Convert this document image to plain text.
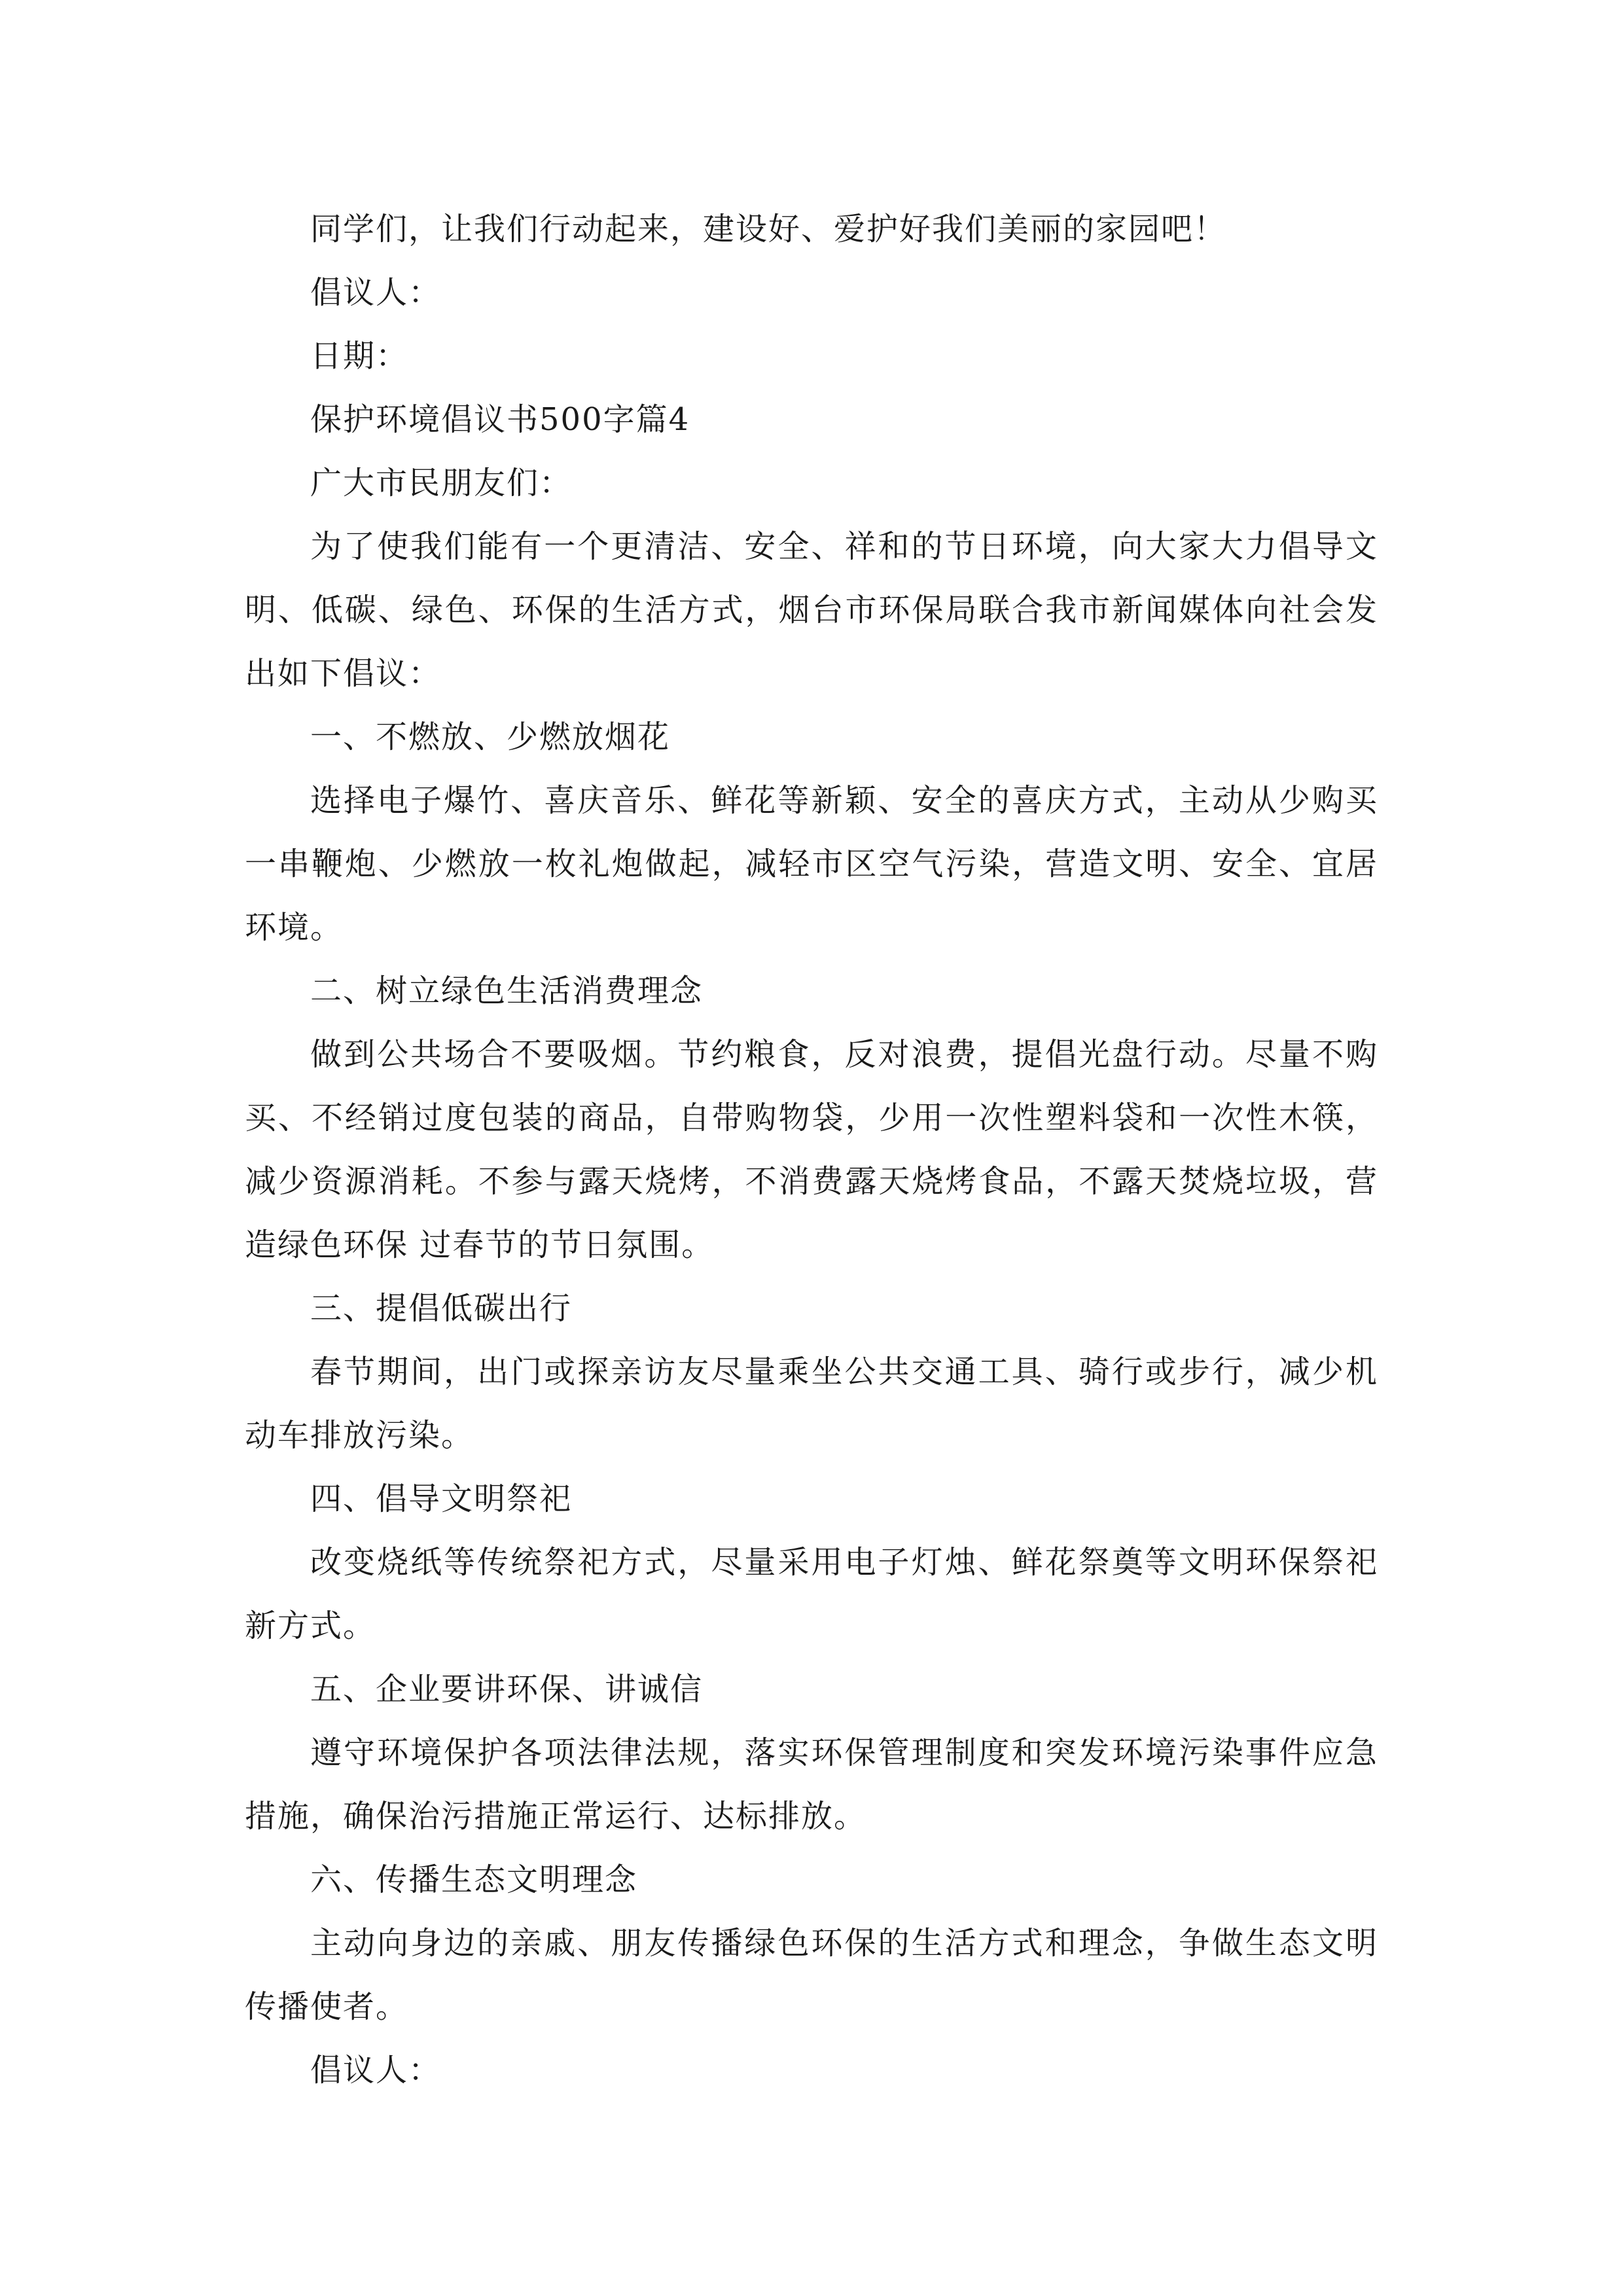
同学们，让我们行动起来，建设好、爱护好我们美丽的家园吧！

倡议人：

日期：

保护环境倡议书500字篇4

广大市民朋友们：

为了使我们能有一个更清洁、安全、祥和的节日环境，向大家大力倡导文明、低碳、绿色、环保的生活方式，烟台市环保局联合我市新闻媒体向社会发出如下倡议：

一、不燃放、少燃放烟花

选择电子爆竹、喜庆音乐、鲜花等新颖、安全的喜庆方式，主动从少购买一串鞭炮、少燃放一枚礼炮做起，减轻市区空气污染，营造文明、安全、宜居环境。

二、树立绿色生活消费理念

做到公共场合不要吸烟。节约粮食，反对浪费，提倡光盘行动。尽量不购买、不经销过度包装的商品，自带购物袋，少用一次性塑料袋和一次性木筷，减少资源消耗。不参与露天烧烤，不消费露天烧烤食品，不露天焚烧垃圾，营造绿色环保 过春节的节日氛围。

三、提倡低碳出行

春节期间，出门或探亲访友尽量乘坐公共交通工具、骑行或步行，减少机动车排放污染。

四、倡导文明祭祀

改变烧纸等传统祭祀方式，尽量采用电子灯烛、鲜花祭奠等文明环保祭祀新方式。

五、企业要讲环保、讲诚信

遵守环境保护各项法律法规，落实环保管理制度和突发环境污染事件应急措施，确保治污措施正常运行、达标排放。

六、传播生态文明理念

主动向身边的亲戚、朋友传播绿色环保的生活方式和理念，争做生态文明传播使者。

倡议人：
